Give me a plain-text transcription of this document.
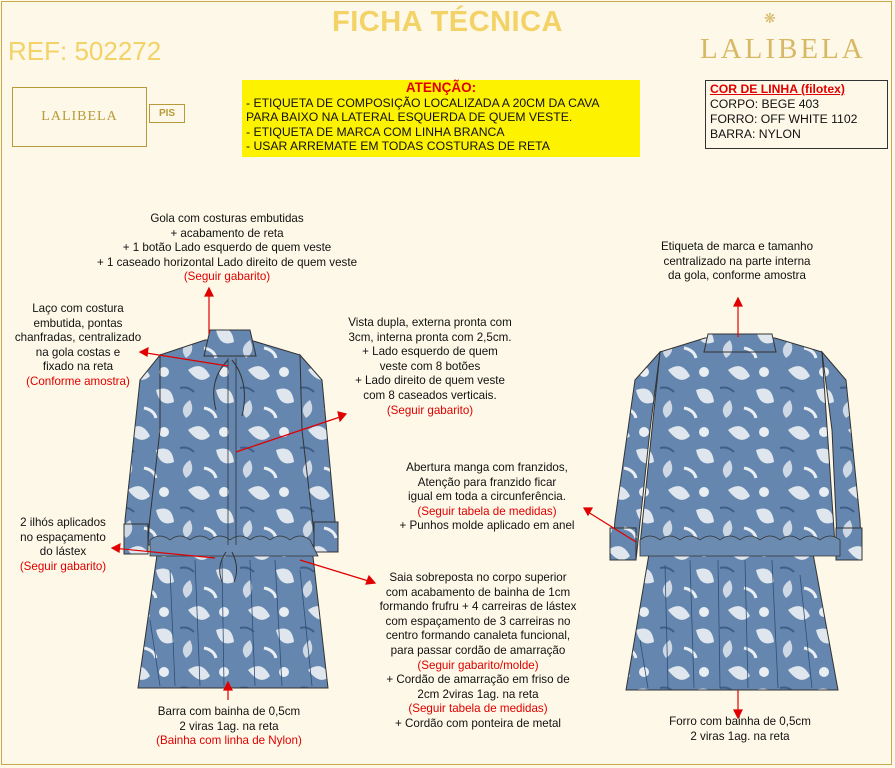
FICHA TÉCNICA
REF: 502272
❋
LALIBELA
LALIBELA	PIS
ATENÇÃO:
- ETIQUETA DE COMPOSIÇÃO LOCALIZADA A 20CM DA CAVA
PARA BAIXO NA LATERAL ESQUERDA DE QUEM VESTE.
- ETIQUETA DE MARCA COM LINHA BRANCA
- USAR ARREMATE EM TODAS COSTURAS DE RETA
COR DE LINHA (filotex)
CORPO: BEGE 403
FORRO: OFF WHITE 1102
BARRA: NYLON
Gola com costuras embutidas
+ acabamento de reta
+ 1 botão Lado esquerdo de quem veste
+ 1 caseado horizontal Lado direito de quem veste
(Seguir gabarito)
Laço com costura
embutida, pontas
chanfradas, centralizado
na gola costas e
fixado na reta
(Conforme amostra)
Vista dupla, externa pronta com
3cm, interna pronta com 2,5cm.
+ Lado esquerdo de quem
veste com 8 botões
+ Lado direito de quem veste
com 8 caseados verticais.
(Seguir gabarito)
2 ilhós aplicados
no espaçamento
do lástex
(Seguir gabarito)
Abertura manga com franzidos,
Atenção para franzido ficar
igual em toda a circunferência.
(Seguir tabela de medidas)
+ Punhos molde aplicado em anel
Etiqueta de marca e tamanho
centralizado na parte interna
da gola, conforme amostra
Saia sobreposta no corpo superior
com acabamento de bainha de 1cm
formando frufru + 4 carreiras de lástex
com espaçamento de 3 carreiras no
centro formando canaleta funcional,
para passar cordão de amarração
(Seguir gabarito/molde)
+ Cordão de amarração em friso de
2cm 2viras 1ag. na reta
(Seguir tabela de medidas)
+ Cordão com ponteira de metal
Barra com bainha de 0,5cm
2 viras 1ag. na reta
(Bainha com linha de Nylon)
Forro com bainha de 0,5cm
2 viras 1ag. na reta
